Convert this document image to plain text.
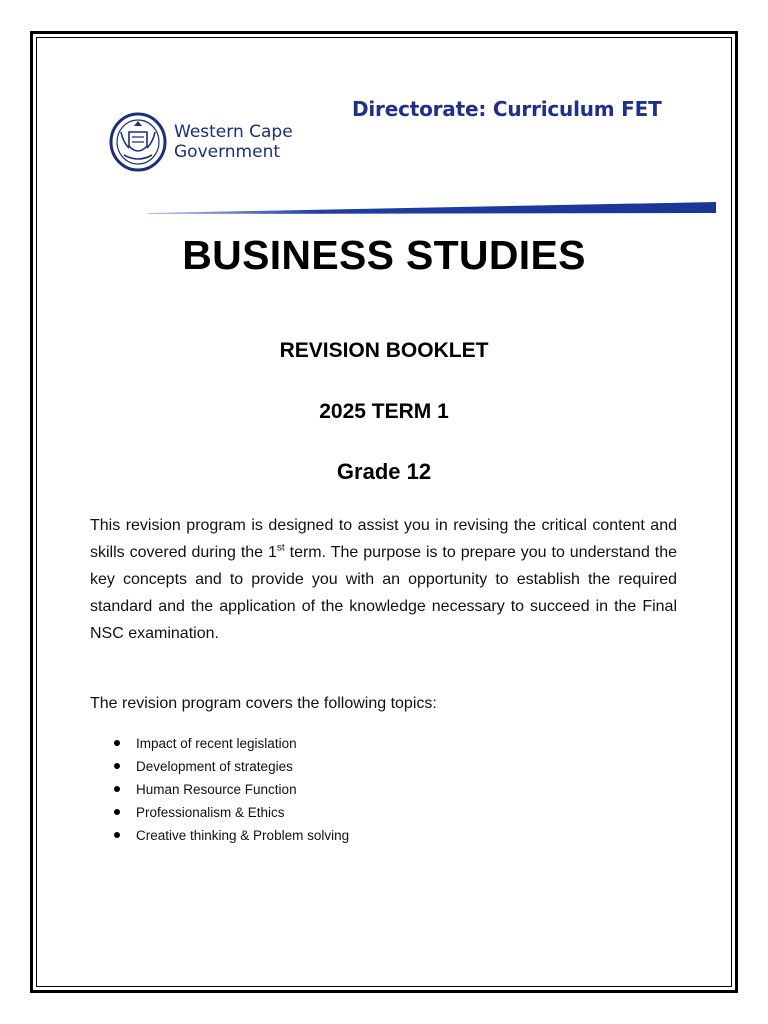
Western Cape
Government
Directorate: Curriculum FET
BUSINESS STUDIES
REVISION BOOKLET
2025 TERM 1
Grade 12
This revision program is designed to assist you in revising the critical content and skills covered during the 1st term. The purpose is to prepare you to understand the key concepts and to provide you with an opportunity to establish the required standard and the application of the knowledge necessary to succeed in the Final NSC examination.
The revision program covers the following topics:
Impact of recent legislation
Development of strategies
Human Resource Function
Professionalism & Ethics
Creative thinking & Problem solving
